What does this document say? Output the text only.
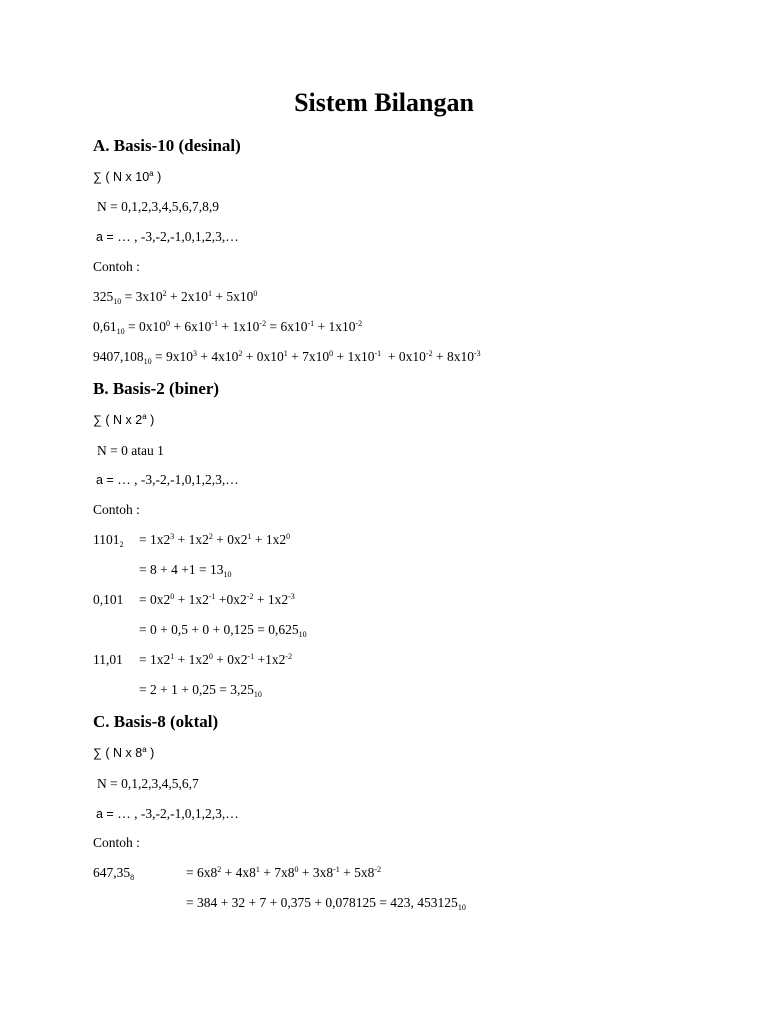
Sistem Bilangan
A. Basis-10 (desinal)
∑ ( N x 10$^a$ )
N = 0,1,2,3,4,5,6,7,8,9
a = … , -3,-2,-1,0,1,2,3,…
Contoh :
$325_{10} = 3x10^2 + 2x10^1 + 5x10^0$
$0,61_{10} = 0x10^0 + 6x10^{-1} + 1x10^{-2} = 6x10^{-1} + 1x10^{-2}$
$9407,108_{10} = 9x10^3 + 4x10^2 + 0x10^1 + 7x10^0 + 1x10^{-1} + 0x10^{-2} + 8x10^{-3}$
B. Basis-2 (biner)
∑ ( N x 2$^a$ )
N = 0 atau 1
a = … , -3,-2,-1,0,1,2,3,…
Contoh :
$1101_2 = 1x2^3 + 1x2^2 + 0x2^1 + 1x2^0$
= $8 + 4 +1 = 13_{10}$
$0,101 = 0x2^0 + 1x2^{-1} +0x2^{-2} + 1x2^{-3}$
= $0 + 0,5 + 0 + 0,125 = 0,625_{10}$
$11,01 = 1x2^1 + 1x2^0 + 0x2^{-1} +1x2^{-2}$
= $2 + 1 + 0,25 = 3,25_{10}$
C. Basis-8 (oktal)
∑ ( N x 8$^a$ )
N = 0,1,2,3,4,5,6,7
a = … , -3,-2,-1,0,1,2,3,…
Contoh :
$647,35_8$	= $6x8^2 + 4x8^1 + 7x8^0 + 3x8^{-1} + 5x8^{-2}$
= 384 + 32 + 7 + 0,375 + 0,078125 = 423, $453125_{10}$
